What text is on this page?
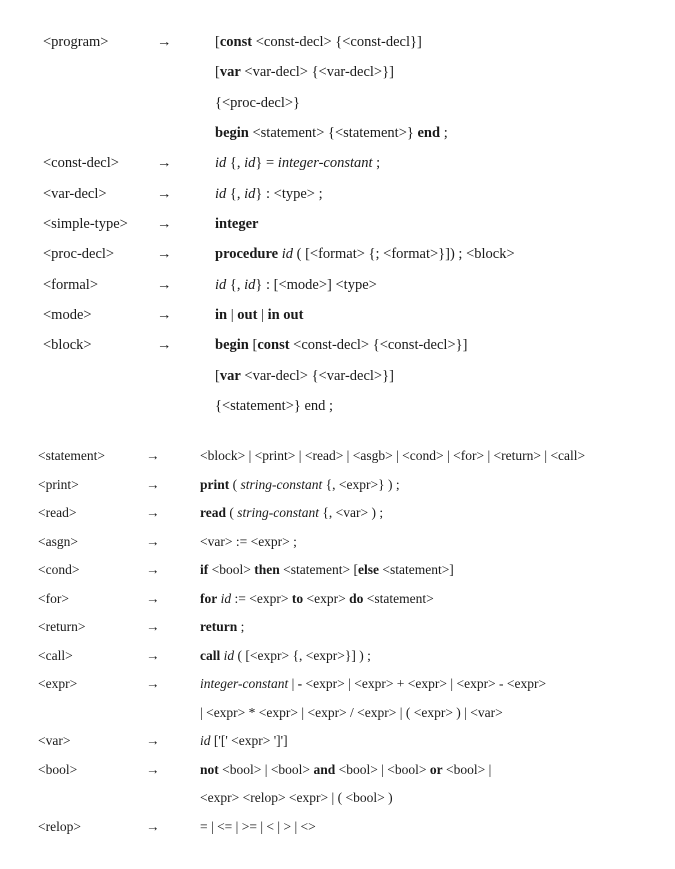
<program>	→	[const <const-decl> {<const-decl}]
[var <var-decl> {<var-decl>}]
{<proc-decl>}
begin <statement> {<statement>} end ;
<const-decl>	→	id {, id} = integer-constant ;
<var-decl>	→	id {, id} : <type> ;
<simple-type> →	integer
<proc-decl>	→	procedure id ( [<format> {; <format>}]) ; <block>
<formal>	→	id {, id} : [<mode>] <type>
<mode>	→	in | out | in out
<block>	→	begin [const <const-decl> {<const-decl>}]
[var <var-decl> {<var-decl>}]
{<statement>} end ;
<statement>	→	<block> | <print> | <read> | <asgb> | <cond> | <for> | <return> | <call>
<print>	→	print ( string-constant {, <expr>} ) ;
<read>	→	read ( string-constant {, <var> ) ;
<asgn>	→	<var> := <expr> ;
<cond>	→	if <bool> then <statement> [else <statement>]
<for>	→	for id := <expr> to <expr> do <statement>
<return>	→	return ;
<call>	→	call id ( [<expr> {, <expr>}] ) ;
<expr>	→	integer-constant | - <expr> | <expr> + <expr> | <expr> - <expr>
| <expr> * <expr> | <expr> / <expr> | ( <expr> ) | <var>
<var>	→	id ['[' <expr> ']']
<bool>	→	not <bool> | <bool> and <bool> | <bool> or <bool> |
<expr> <relop> <expr> | ( <bool> )
<relop>	→	= | <= | >= | < | > | <>
